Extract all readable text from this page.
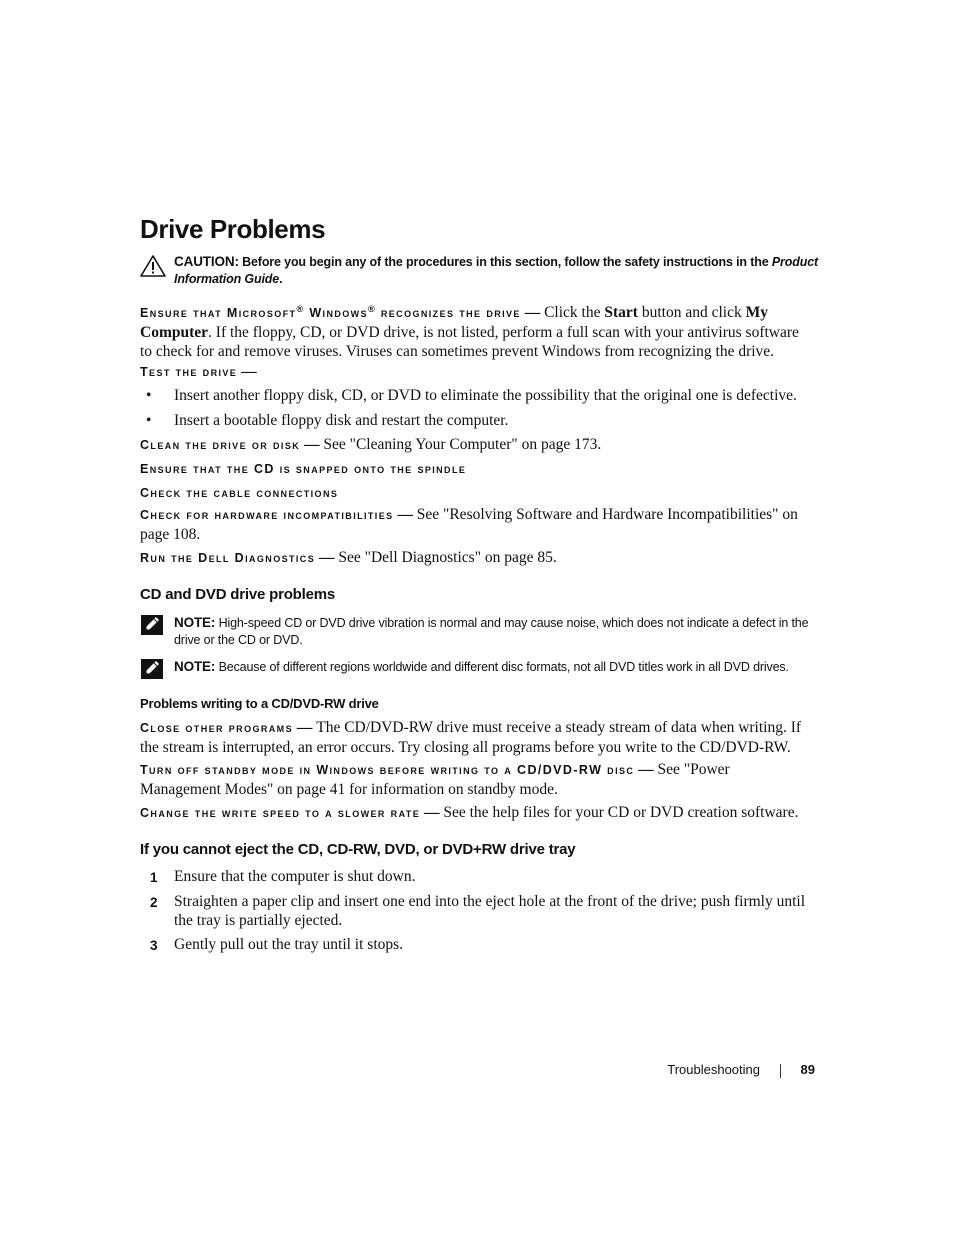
Drive Problems
CAUTION: Before you begin any of the procedures in this section, follow the safety instructions in the Product Information Guide.

Ensure that Microsoft® Windows® recognizes the drive — Click the Start button and click My Computer. If the floppy, CD, or DVD drive, is not listed, perform a full scan with your antivirus software to check for and remove viruses. Viruses can sometimes prevent Windows from recognizing the drive.

Test the drive —

• Insert another floppy disk, CD, or DVD to eliminate the possibility that the original one is defective.
• Insert a bootable floppy disk and restart the computer.

Clean the drive or disk — See "Cleaning Your Computer" on page 173.

Ensure that the CD is snapped onto the spindle

Check the cable connections

Check for hardware incompatibilities — See "Resolving Software and Hardware Incompatibilities" on page 108.

Run the Dell Diagnostics — See "Dell Diagnostics" on page 85.

CD and DVD drive problems
NOTE: High-speed CD or DVD drive vibration is normal and may cause noise, which does not indicate a defect in the drive or the CD or DVD.
NOTE: Because of different regions worldwide and different disc formats, not all DVD titles work in all DVD drives.
Problems writing to a CD/DVD-RW drive

Close other programs — The CD/DVD-RW drive must receive a steady stream of data when writing. If the stream is interrupted, an error occurs. Try closing all programs before you write to the CD/DVD-RW.

Turn off standby mode in Windows before writing to a CD/DVD-RW disc — See "Power Management Modes" on page 41 for information on standby mode.

Change the write speed to a slower rate — See the help files for your CD or DVD creation software.

If you cannot eject the CD, CD-RW, DVD, or DVD+RW drive tray
1 Ensure that the computer is shut down.
2 Straighten a paper clip and insert one end into the eject hole at the front of the drive; push firmly until the tray is partially ejected.
3 Gently pull out the tray until it stops.
Troubleshooting	89
